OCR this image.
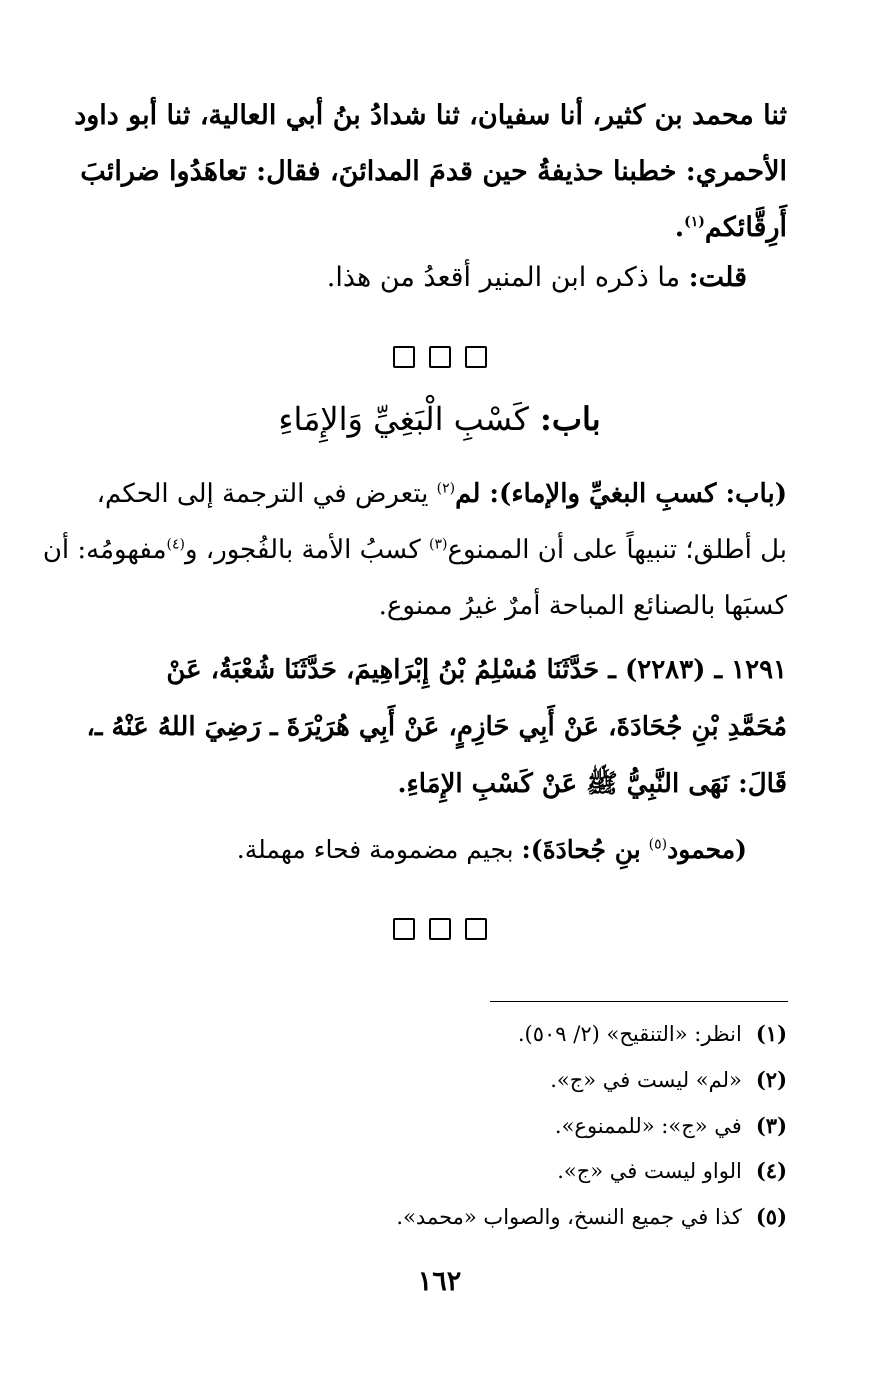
ثنا محمد بن كثير، أنا سفيان، ثنا شدادُ بنُ أبي العالية، ثنا أبو داود
الأحمري: خطبنا حذيفةُ حين قدمَ المدائنَ، فقال: تعاهَدُوا ضرائبَ
أَرِقَّائكم$^{(١)}$.
قلت: ما ذكره ابن المنير أقعدُ من هذا.
باب: كَسْبِ الْبَغِيِّ وَالإِمَاءِ
(باب: كسبِ البغيِّ والإماء): لم$^{(٢)}$ يتعرض في الترجمة إلى الحكم،
بل أطلق؛ تنبيهاً على أن الممنوع$^{(٣)}$ كسبُ الأمة بالفُجور، و$^{(٤)}$مفهومُه: أن
كسبَها بالصنائع المباحة أمرٌ غيرُ ممنوع.
١٢٩١ ـ (٢٢٨٣) ـ حَدَّثَنَا مُسْلِمُ بْنُ إِبْرَاهِيمَ، حَدَّثَنَا شُعْبَةُ، عَنْ
مُحَمَّدِ بْنِ جُحَادَةَ، عَنْ أَبِي حَازِمٍ، عَنْ أَبِي هُرَيْرَةَ ـ رَضِيَ اللهُ عَنْهُ ـ،
قَالَ: نَهَى النَّبِيُّ ﷺ عَنْ كَسْبِ الإِمَاءِ.
(محمود$^{(٥)}$ بنِ جُحادَةَ): بجيم مضمومة فحاء مهملة.
(١)انظر: «التنقيح» (٢/ ٥٠٩).
(٢)«لم» ليست في «ج».
(٣)في «ج»: «للممنوع».
(٤)الواو ليست في «ج».
(٥)كذا في جميع النسخ، والصواب «محمد».
١٦٢
